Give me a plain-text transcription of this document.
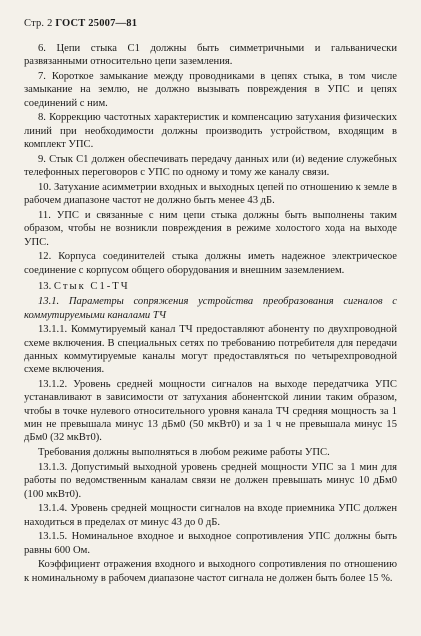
Стр. 2 ГОСТ 25007—81

6. Цепи стыка С1 должны быть симметричными и гальванически развязанными относительно цепи заземления.

7. Короткое замыкание между проводниками в цепях стыка, в том числе замыкание на землю, не должно вызывать повреждения в УПС и цепях соединений с ним.

8. Коррекцию частотных характеристик и компенсацию затухания физических линий при необходимости должны производить устройством, входящим в комплект УПС.

9. Стык С1 должен обеспечивать передачу данных или (и) ведение служебных телефонных переговоров с УПС по одному и тому же каналу связи.

10. Затухание асимметрии входных и выходных цепей по отношению к земле в рабочем диапазоне частот не должно быть менее 43 дБ.

11. УПС и связанные с ним цепи стыка должны быть выполнены таким образом, чтобы не возникли повреждения в режиме холостого хода на выходе УПС.

12. Корпуса соединителей стыка должны иметь надежное электрическое соединение с корпусом общего оборудования и внешним заземлением.

13. Стык С1-ТЧ

13.1. Параметры сопряжения устройства преобразования сигналов с коммутируемыми каналами ТЧ

13.1.1. Коммутируемый канал ТЧ предоставляют абоненту по двухпроводной схеме включения. В специальных сетях по требованию потребителя для передачи данных коммутируемые каналы могут предоставляться по четырехпроводной схеме включения.

13.1.2. Уровень средней мощности сигналов на выходе передатчика УПС устанавливают в зависимости от затухания абонентской линии таким образом, чтобы в точке нулевого относительного уровня канала ТЧ средняя мощность за 1 мин не превышала минус 13 дБм0 (50 мкВт0) и за 1 ч не превышала минус 15 дБм0 (32 мкВт0).

Требования должны выполняться в любом режиме работы УПС.

13.1.3. Допустимый выходной уровень средней мощности УПС за 1 мин для работы по ведомственным каналам связи не должен превышать минус 10 дБм0 (100 мкВт0).

13.1.4. Уровень средней мощности сигналов на входе приемника УПС должен находиться в пределах от минус 43 до 0 дБ.

13.1.5. Номинальное входное и выходное сопротивления УПС должны быть равны 600 Ом.

Коэффициент отражения входного и выходного сопротивления по отношению к номинальному в рабочем диапазоне частот сигнала не должен быть более 15 %.
